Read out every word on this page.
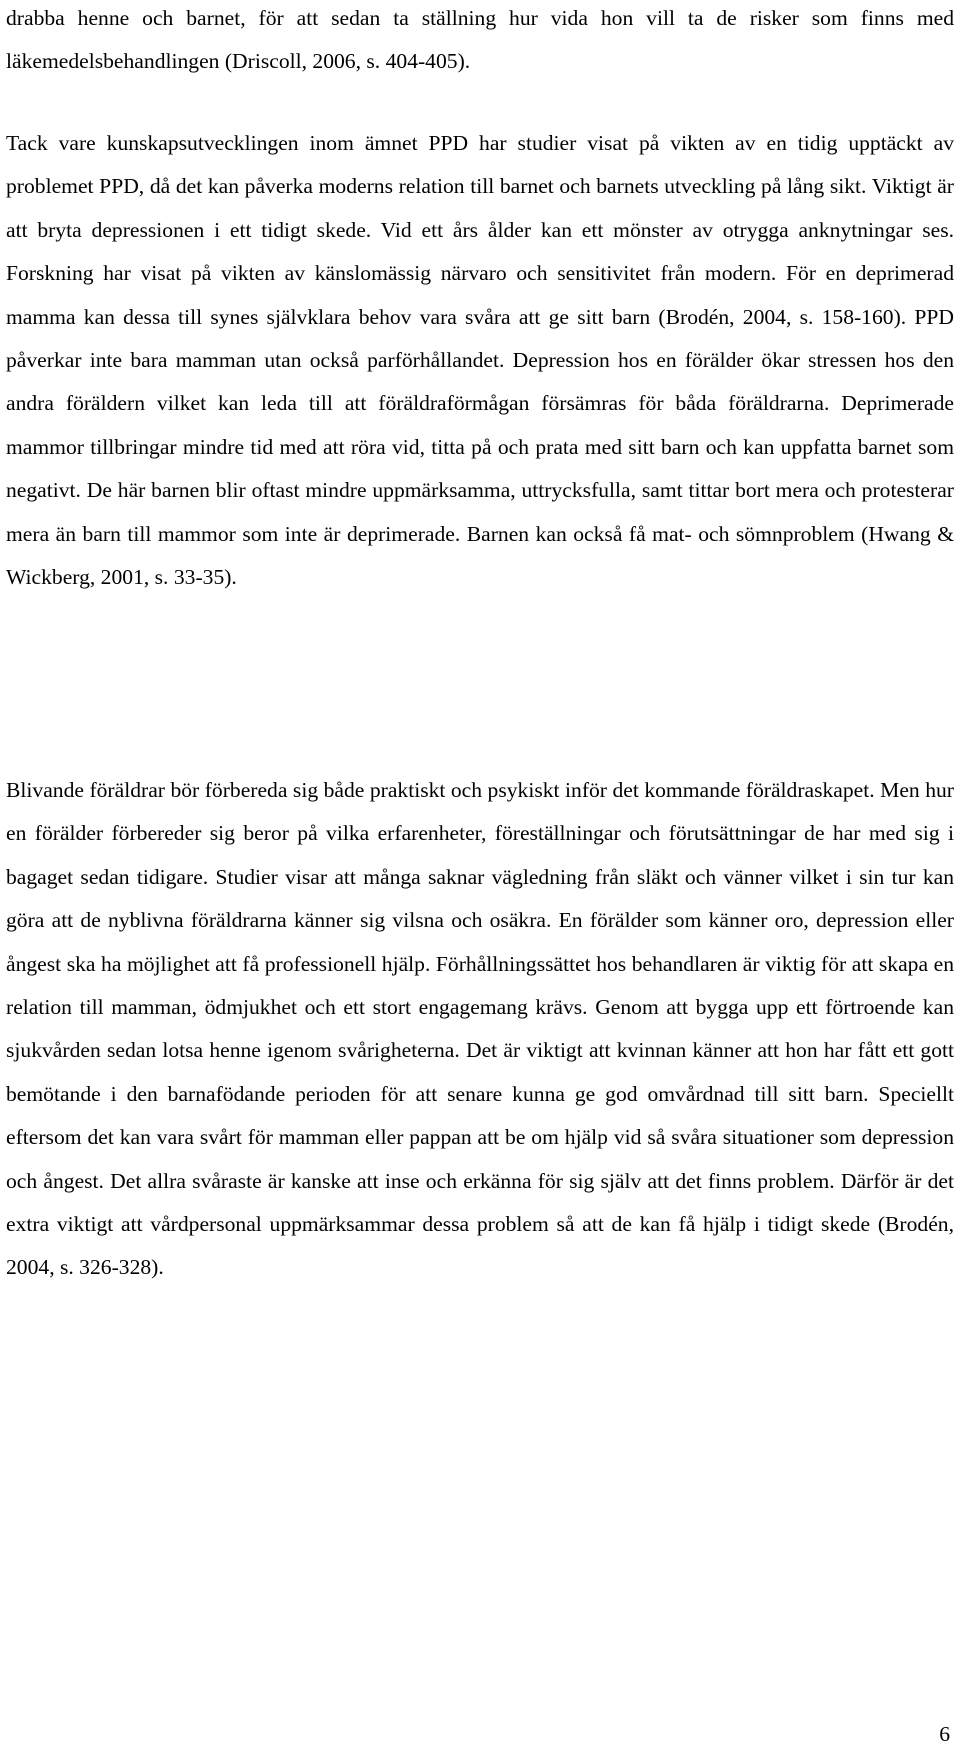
drabba henne och barnet, för att sedan ta ställning hur vida hon vill ta de risker som finns med läkemedelsbehandlingen (Driscoll, 2006, s. 404-405).

Tack vare kunskapsutvecklingen inom ämnet PPD har studier visat på vikten av en tidig upptäckt av problemet PPD, då det kan påverka moderns relation till barnet och barnets utveckling på lång sikt. Viktigt är att bryta depressionen i ett tidigt skede. Vid ett års ålder kan ett mönster av otrygga anknytningar ses. Forskning har visat på vikten av känslomässig närvaro och sensitivitet från modern. För en deprimerad mamma kan dessa till synes självklara behov vara svåra att ge sitt barn (Brodén, 2004, s. 158-160). PPD påverkar inte bara mamman utan också parförhållandet. Depression hos en förälder ökar stressen hos den andra föräldern vilket kan leda till att föräldraförmågan försämras för båda föräldrarna. Deprimerade mammor tillbringar mindre tid med att röra vid, titta på och prata med sitt barn och kan uppfatta barnet som negativt. De här barnen blir oftast mindre uppmärksamma, uttrycksfulla, samt tittar bort mera och protesterar mera än barn till mammor som inte är deprimerade. Barnen kan också få mat- och sömnproblem (Hwang & Wickberg, 2001, s. 33-35).

Blivande föräldrar bör förbereda sig både praktiskt och psykiskt inför det kommande föräldraskapet. Men hur en förälder förbereder sig beror på vilka erfarenheter, föreställningar och förutsättningar de har med sig i bagaget sedan tidigare. Studier visar att många saknar vägledning från släkt och vänner vilket i sin tur kan göra att de nyblivna föräldrarna känner sig vilsna och osäkra. En förälder som känner oro, depression eller ångest ska ha möjlighet att få professionell hjälp. Förhållningssättet hos behandlaren är viktig för att skapa en relation till mamman, ödmjukhet och ett stort engagemang krävs. Genom att bygga upp ett förtroende kan sjukvården sedan lotsa henne igenom svårigheterna. Det är viktigt att kvinnan känner att hon har fått ett gott bemötande i den barnafödande perioden för att senare kunna ge god omvårdnad till sitt barn. Speciellt eftersom det kan vara svårt för mamman eller pappan att be om hjälp vid så svåra situationer som depression och ångest. Det allra svåraste är kanske att inse och erkänna för sig själv att det finns problem. Därför är det extra viktigt att vårdpersonal uppmärksammar dessa problem så att de kan få hjälp i tidigt skede (Brodén, 2004, s. 326-328).

6
